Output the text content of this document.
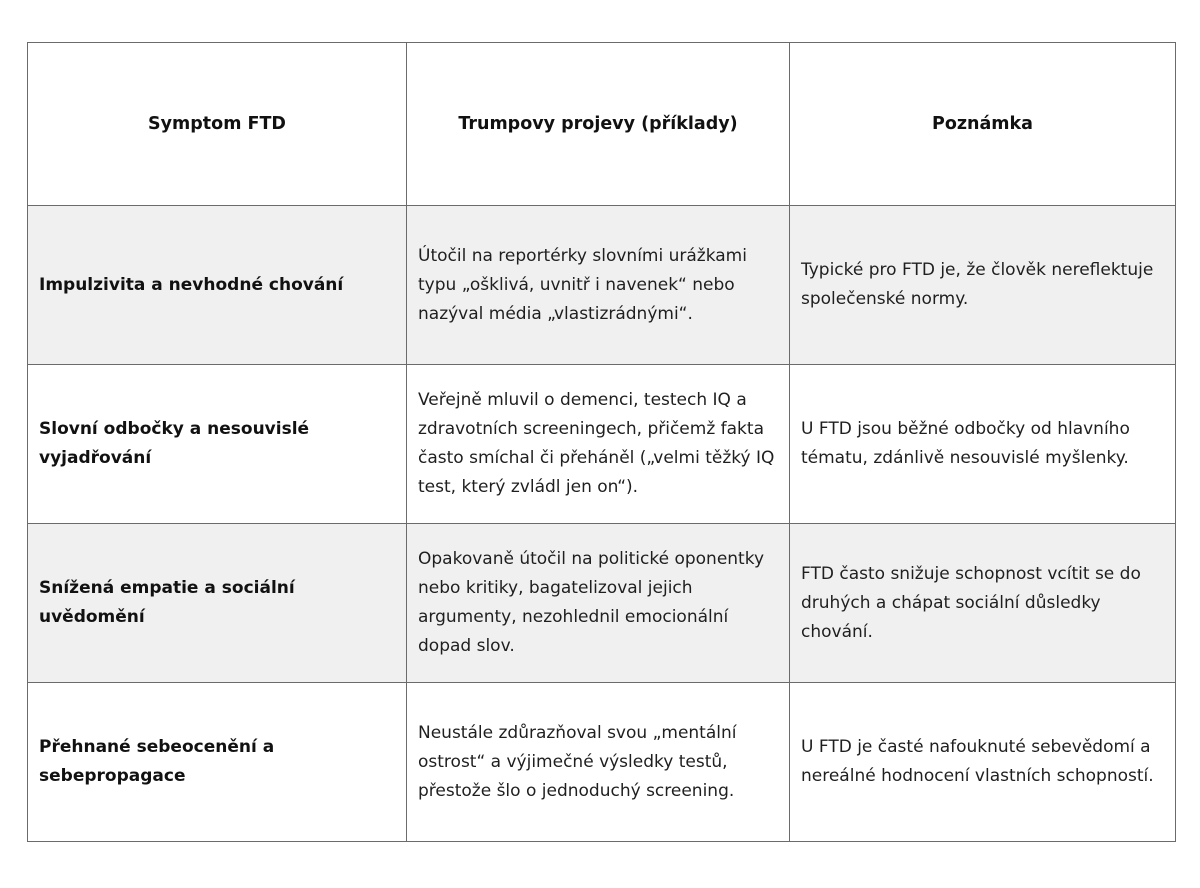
Symptom FTD	Trumpovy projevy (příklady)	Poznámka
Impulzivita a nevhodné chování	Útočil na reportérky slovními urážkami typu „ošklivá, uvnitř i navenek“ nebo nazýval média „vlastizrádnými“.	Typické pro FTD je, že člověk nereflektuje společenské normy.
Slovní odbočky a nesouvislé vyjadřování	Veřejně mluvil o demenci, testech IQ a zdravotních screeningech, přičemž fakta často smíchal či přeháněl („velmi těžký IQ test, který zvládl jen on“).	U FTD jsou běžné odbočky od hlavního tématu, zdánlivě nesouvislé myšlenky.
Snížená empatie a sociální uvědomění	Opakovaně útočil na politické oponentky nebo kritiky, bagatelizoval jejich argumenty, nezohlednil emocionální dopad slov.	FTD často snižuje schopnost vcítit se do druhých a chápat sociální důsledky chování.
Přehnané sebeocenění a sebepropagace	Neustále zdůrazňoval svou „mentální ostrost“ a výjimečné výsledky testů, přestože šlo o jednoduchý screening.	U FTD je časté nafouknuté sebevědomí a nereálné hodnocení vlastních schopností.
